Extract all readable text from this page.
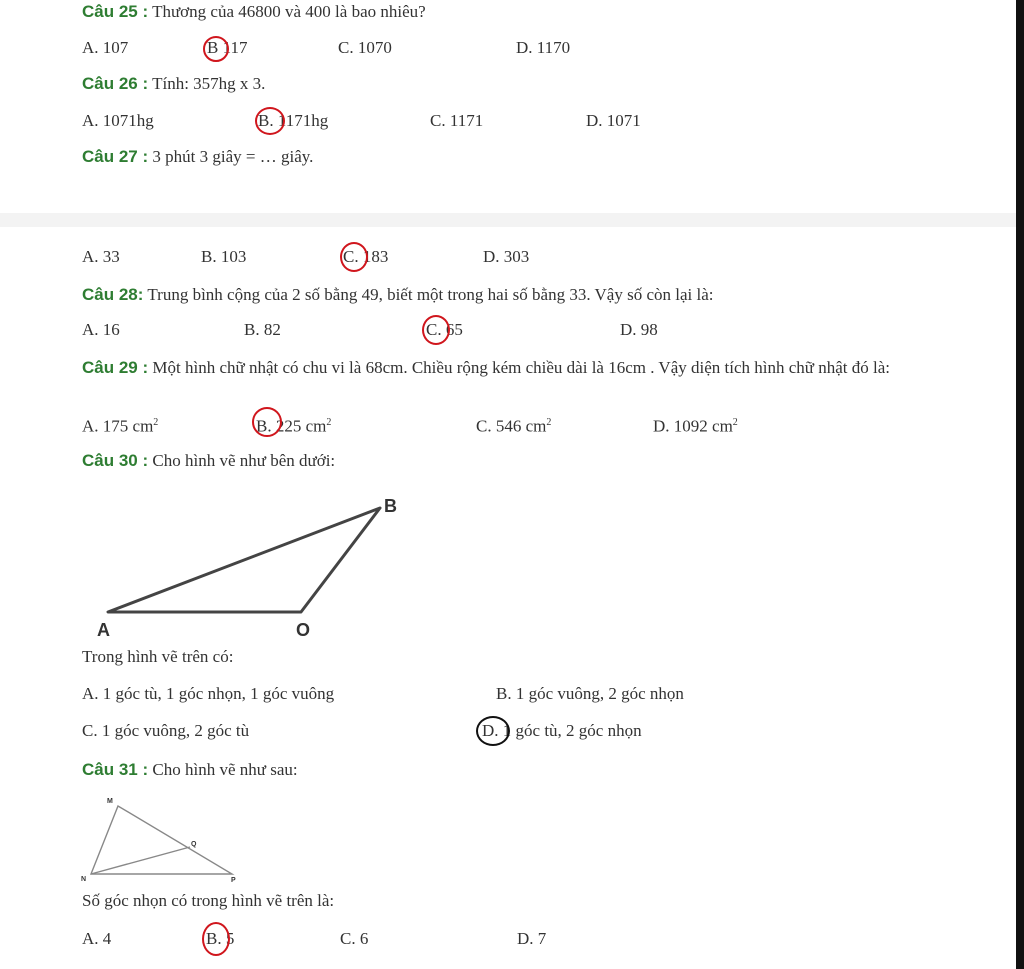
Câu 25 : Thương của 46800 và 400 là bao nhiêu?
A. 107	B 117	C. 1070	D. 1170
Câu 26 : Tính: 357hg x 3.
A. 1071hg	B. 1171hg	C. 1171	D. 1071
Câu 27 : 3 phút 3 giây = … giây.
A. 33	B. 103	C. 183	D. 303
Câu 28: Trung bình cộng của 2 số bằng 49, biết một trong hai số bằng 33. Vậy số còn lại là:
A. 16	B. 82	C. 65	D. 98
Câu 29 : Một hình chữ nhật có chu vi là 68cm. Chiều rộng kém chiều dài là 16cm . Vậy diện tích hình chữ nhật đó là:
A. 175 $cm^2$	B. 225 $cm^2$	C. 546 $cm^2$	D. 1092 $cm^2$
Câu 30 : Cho hình vẽ như bên dưới:
B
A	O
Trong hình vẽ trên có:
A. 1 góc tù, 1 góc nhọn, 1 góc vuông	B. 1 góc vuông, 2 góc nhọn
C. 1 góc vuông, 2 góc tù	D. 1 góc tù, 2 góc nhọn
Câu 31 : Cho hình vẽ như sau:
M
Q
N	P
Số góc nhọn có trong hình vẽ trên là:
A. 4	B. 5	C. 6	D. 7
